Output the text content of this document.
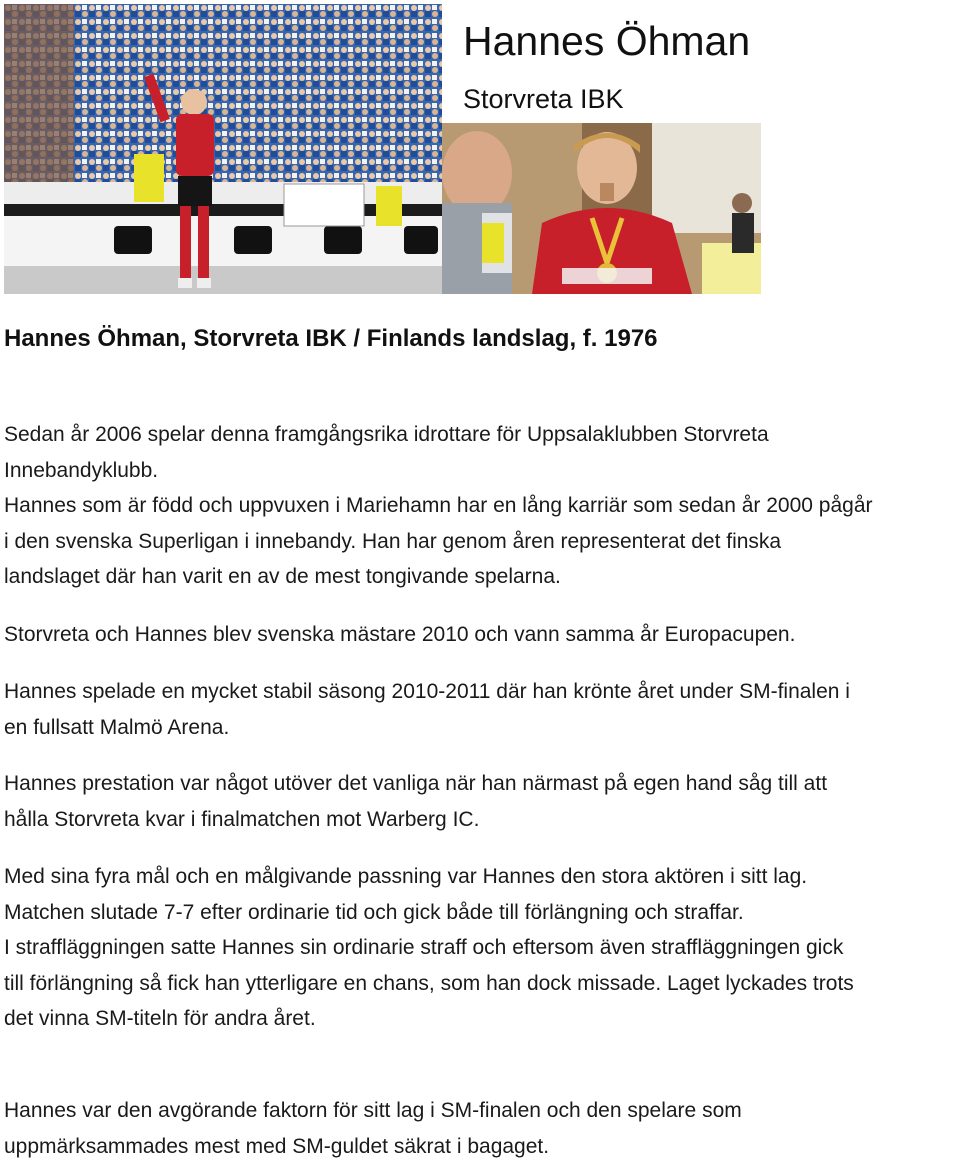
Hannes Öhman
Storvreta IBK
Hannes Öhman, Storvreta IBK / Finlands landslag, f. 1976

Sedan år 2006 spelar denna framgångsrika idrottare för Uppsalaklubben Storvreta

Innebandyklubb.

Hannes som är född och uppvuxen i Mariehamn har en lång karriär som sedan år 2000 pågår

i den svenska Superligan i innebandy. Han har genom åren representerat det finska

landslaget där han varit en av de mest tongivande spelarna.

Storvreta och Hannes blev svenska mästare 2010 och vann samma år Europacupen.

Hannes spelade en mycket stabil säsong 2010-2011 där han krönte året under SM-finalen i

en fullsatt Malmö Arena.

Hannes prestation var något utöver det vanliga när han närmast på egen hand såg till att

hålla Storvreta kvar i finalmatchen mot Warberg IC.

Med sina fyra mål och en målgivande passning var Hannes den stora aktören i sitt lag.

Matchen slutade 7-7 efter ordinarie tid och gick både till förlängning och straffar.

I straffläggningen satte Hannes sin ordinarie straff och eftersom även straffläggningen gick

till förlängning så fick han ytterligare en chans, som han dock missade. Laget lyckades trots

det vinna SM-titeln för andra året.

Hannes var den avgörande faktorn för sitt lag i SM-finalen och den spelare som

uppmärksammades mest med SM-guldet säkrat i bagaget.
